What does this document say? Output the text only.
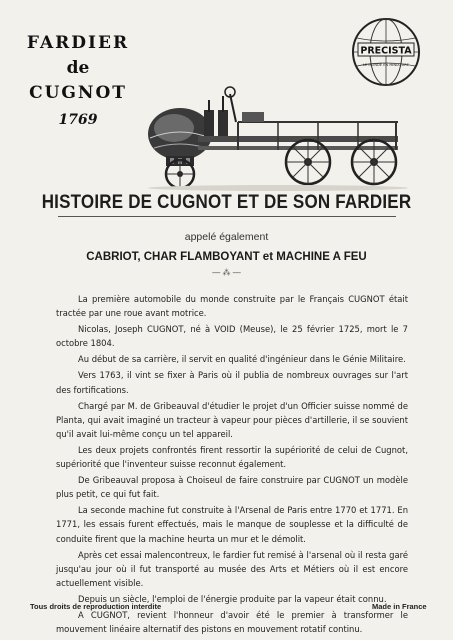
FARDIER
de
CUGNOT
1769
PRECISTA
LE MONDE EN MINIATURE
HISTOIRE DE CUGNOT ET DE SON FARDIER
appelé également
CABRIOT, CHAR FLAMBOYANT et MACHINE A FEU
— ⁂ —

La première automobile du monde construite par le Français CUGNOT était tractée par une roue avant motrice.

Nicolas, Joseph CUGNOT, né à VOID (Meuse), le 25 février 1725, mort le 7 octobre 1804.

Au début de sa carrière, il servit en qualité d'ingénieur dans le Génie Militaire.

Vers 1763, il vint se fixer à Paris où il publia de nombreux ouvrages sur l'art des fortifications.

Chargé par M. de Gribeauval d'étudier le projet d'un Officier suisse nommé de Planta, qui avait imaginé un tracteur à vapeur pour pièces d'artillerie, il se souvient qu'il avait lui-même conçu un tel appareil.

Les deux projets confrontés firent ressortir la supériorité de celui de Cugnot, supériorité que l'inventeur suisse reconnut également.

De Gribeauval proposa à Choiseul de faire construire par CUGNOT un modèle plus petit, ce qui fut fait.

La seconde machine fut construite à l'Arsenal de Paris entre 1770 et 1771. En 1771, les essais furent effectués, mais le manque de souplesse et la difficulté de conduite firent que la machine heurta un mur et le démolit.

Après cet essai malencontreux, le fardier fut remisé à l'arsenal où il resta garé jusqu'au jour où il fut transporté au musée des Arts et Métiers où il est encore actuellement visible.

Depuis un siècle, l'emploi de l'énergie produite par la vapeur était connu.

A CUGNOT, revient l'honneur d'avoir été le premier à transformer le mouvement linéaire alternatif des pistons en mouvement rotatif continu.

Tous droits de reproduction interdite	Made in France
